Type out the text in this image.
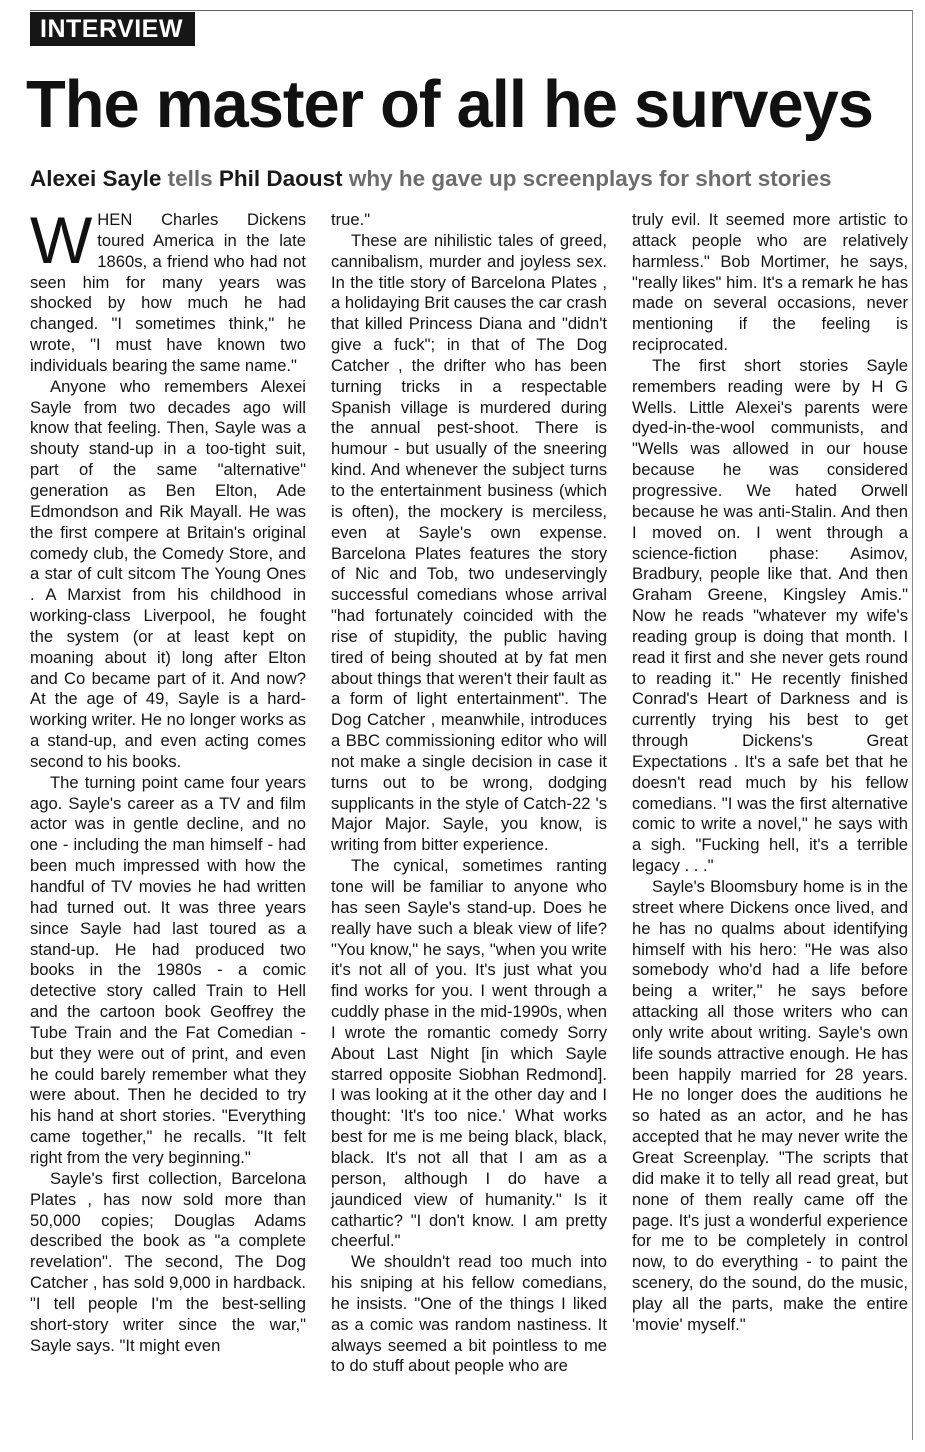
INTERVIEW
The master of all he surveys
Alexei Sayle tells Phil Daoust why he gave up screenplays for short stories

WHEN Charles Dickens toured America in the late 1860s, a friend who had not seen him for many years was shocked by how much he had changed. "I sometimes think," he wrote, "I must have known two individuals bearing the same name."

Anyone who remembers Alexei Sayle from two decades ago will know that feeling. Then, Sayle was a shouty stand-up in a too-tight suit, part of the same "alternative" generation as Ben Elton, Ade Edmondson and Rik Mayall. He was the first compere at Britain's original comedy club, the Comedy Store, and a star of cult sitcom The Young Ones . A Marxist from his childhood in working-class Liverpool, he fought the system (or at least kept on moaning about it) long after Elton and Co became part of it. And now? At the age of 49, Sayle is a hard-working writer. He no longer works as a stand-up, and even acting comes second to his books.

The turning point came four years ago. Sayle's career as a TV and film actor was in gentle decline, and no one - including the man himself - had been much impressed with how the handful of TV movies he had written had turned out. It was three years since Sayle had last toured as a stand-up. He had produced two books in the 1980s - a comic detective story called Train to Hell and the cartoon book Geoffrey the Tube Train and the Fat Comedian - but they were out of print, and even he could barely remember what they were about. Then he decided to try his hand at short stories. "Everything came together," he recalls. "It felt right from the very beginning."

Sayle's first collection, Barcelona Plates , has now sold more than 50,000 copies; Douglas Adams described the book as "a complete revelation". The second, The Dog Catcher , has sold 9,000 in hardback. "I tell people I'm the best-selling short-story writer since the war," Sayle says. "It might even

true."

These are nihilistic tales of greed, cannibalism, murder and joyless sex. In the title story of Barcelona Plates , a holidaying Brit causes the car crash that killed Princess Diana and "didn't give a fuck"; in that of The Dog Catcher , the drifter who has been turning tricks in a respectable Spanish village is murdered during the annual pest-shoot. There is humour - but usually of the sneering kind. And whenever the subject turns to the entertainment business (which is often), the mockery is merciless, even at Sayle's own expense. Barcelona Plates features the story of Nic and Tob, two undeservingly successful comedians whose arrival "had fortunately coincided with the rise of stupidity, the public having tired of being shouted at by fat men about things that weren't their fault as a form of light entertainment". The Dog Catcher , meanwhile, introduces a BBC commissioning editor who will not make a single decision in case it turns out to be wrong, dodging supplicants in the style of Catch-22 's Major Major. Sayle, you know, is writing from bitter experience.

The cynical, sometimes ranting tone will be familiar to anyone who has seen Sayle's stand-up. Does he really have such a bleak view of life? "You know," he says, "when you write it's not all of you. It's just what you find works for you. I went through a cuddly phase in the mid-1990s, when I wrote the romantic comedy Sorry About Last Night [in which Sayle starred opposite Siobhan Redmond]. I was looking at it the other day and I thought: 'It's too nice.' What works best for me is me being black, black, black. It's not all that I am as a person, although I do have a jaundiced view of humanity." Is it cathartic? "I don't know. I am pretty cheerful."

We shouldn't read too much into his sniping at his fellow comedians, he insists. "One of the things I liked as a comic was random nastiness. It always seemed a bit pointless to me to do stuff about people who are

truly evil. It seemed more artistic to attack people who are relatively harmless." Bob Mortimer, he says, "really likes" him. It's a remark he has made on several occasions, never mentioning if the feeling is reciprocated.

The first short stories Sayle remembers reading were by H G Wells. Little Alexei's parents were dyed-in-the-wool communists, and "Wells was allowed in our house because he was considered progressive. We hated Orwell because he was anti-Stalin. And then I moved on. I went through a science-fiction phase: Asimov, Bradbury, people like that. And then Graham Greene, Kingsley Amis." Now he reads "whatever my wife's reading group is doing that month. I read it first and she never gets round to reading it." He recently finished Conrad's Heart of Darkness and is currently trying his best to get through Dickens's Great Expectations . It's a safe bet that he doesn't read much by his fellow comedians. "I was the first alternative comic to write a novel," he says with a sigh. "Fucking hell, it's a terrible legacy . . ."

Sayle's Bloomsbury home is in the street where Dickens once lived, and he has no qualms about identifying himself with his hero: "He was also somebody who'd had a life before being a writer," he says before attacking all those writers who can only write about writing. Sayle's own life sounds attractive enough. He has been happily married for 28 years. He no longer does the auditions he so hated as an actor, and he has accepted that he may never write the Great Screenplay. "The scripts that did make it to telly all read great, but none of them really came off the page. It's just a wonderful experience for me to be completely in control now, to do everything - to paint the scenery, do the sound, do the music, play all the parts, make the entire 'movie' myself."
